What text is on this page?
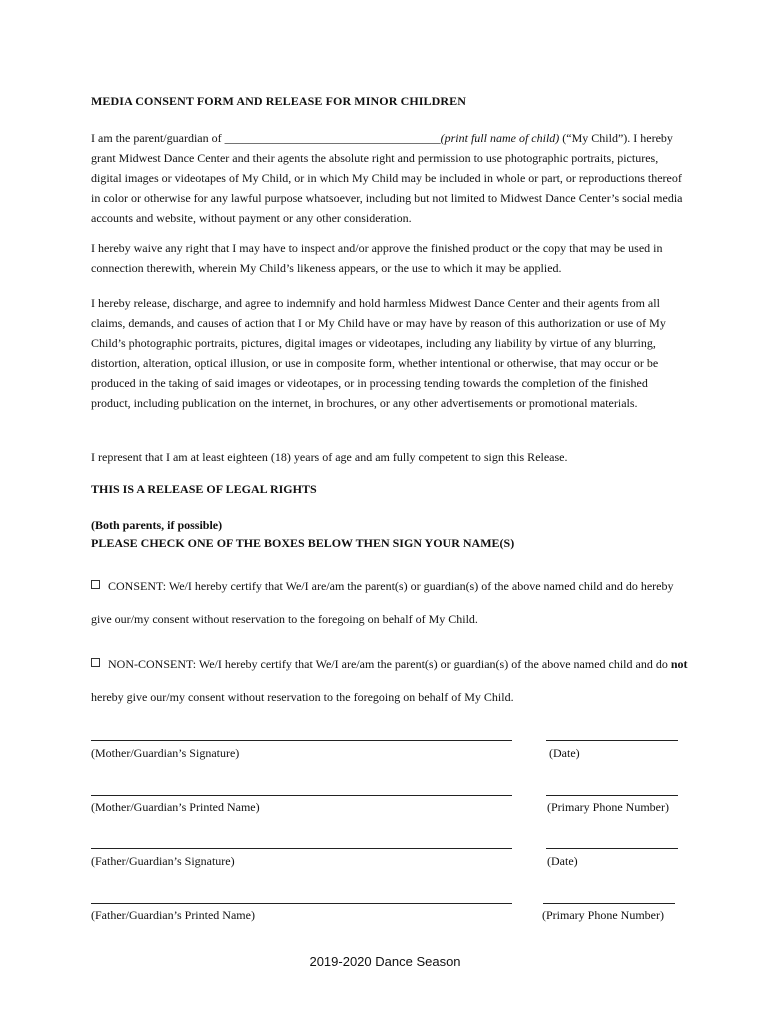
MEDIA CONSENT FORM AND RELEASE FOR MINOR CHILDREN

I am the parent/guardian of ____________________________________(print full name of child) (“My Child”). I hereby grant Midwest Dance Center and their agents the absolute right and permission to use photographic portraits, pictures, digital images or videotapes of My Child, or in which My Child may be included in whole or part, or reproductions thereof in color or otherwise for any lawful purpose whatsoever, including but not limited to Midwest Dance Center’s social media accounts and website, without payment or any other consideration.

I hereby waive any right that I may have to inspect and/or approve the finished product or the copy that may be used in connection therewith, wherein My Child’s likeness appears, or the use to which it may be applied.

I hereby release, discharge, and agree to indemnify and hold harmless Midwest Dance Center and their agents from all claims, demands, and causes of action that I or My Child have or may have by reason of this authorization or use of My Child’s photographic portraits, pictures, digital images or videotapes, including any liability by virtue of any blurring, distortion, alteration, optical illusion, or use in composite form, whether intentional or otherwise, that may occur or be produced in the taking of said images or videotapes, or in processing tending towards the completion of the finished product, including publication on the internet, in brochures, or any other advertisements or promotional materials.

I represent that I am at least eighteen (18) years of age and am fully competent to sign this Release.

THIS IS A RELEASE OF LEGAL RIGHTS
(Both parents, if possible)
PLEASE CHECK ONE OF THE BOXES BELOW THEN SIGN YOUR NAME(S)
CONSENT: We/I hereby certify that We/I are/am the parent(s) or guardian(s) of the above named child and do hereby give our/my consent without reservation to the foregoing on behalf of My Child.
NON-CONSENT: We/I hereby certify that We/I are/am the parent(s) or guardian(s) of the above named child and do not hereby give our/my consent without reservation to the foregoing on behalf of My Child.
(Mother/Guardian’s Signature)	(Date)
(Mother/Guardian’s Printed Name)	(Primary Phone Number)
(Father/Guardian’s Signature)	(Date)
(Father/Guardian’s Printed Name)	(Primary Phone Number)
2019-2020 Dance Season
